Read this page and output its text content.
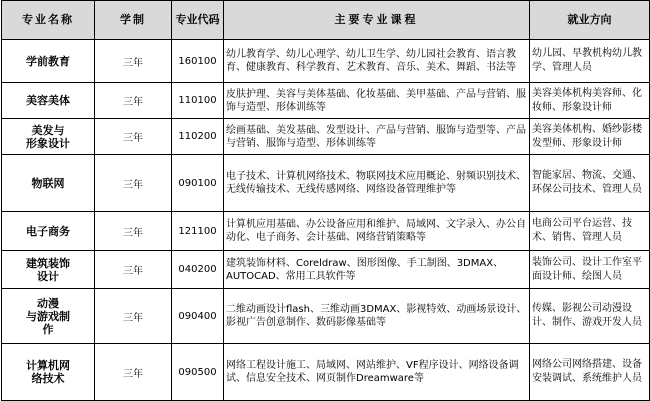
专业名称	学制	专业代码	主要专业课程	就业方向
学前教育	三年	160100	幼儿教育学、幼儿心理学、幼儿卫生学、幼儿园社会教育、语言教育、健康教育、科学教育、艺术教育、音乐、美术、舞蹈、书法等	幼儿园、早教机构幼儿教学、管理人员
美容美体	三年	110100	皮肤护理、美容与美体基础、化妆基础、美甲基础、产品与营销、服饰与造型、形体训练等	美容美体机构美容师、化妆师、形象设计师
美发与
形象设计	三年	110200	绘画基础、美发基础、发型设计、产品与营销、服饰与造型等、产品与营销、服饰与造型、形体训练等	美容美体机构、婚纱影楼发型师、形象设计师
物联网	三年	090100	电子技术、计算机网络技术、物联网技术应用概论、射频识别技术、无线传输技术、无线传感网络、网络设备管理维护等	智能家居、物流、交通、环保公司技术、管理人员
电子商务	三年	121100	计算机应用基础、办公设备应用和维护、局域网、文字录入、办公自动化、电子商务、会计基础、网络营销策略等	电商公司平台运营、技术、销售、管理人员
建筑装饰
设计	三年	040200	建筑装饰材料、Coreldraw、图形图像、手工制图、3DMAX、AUTOCAD、常用工具软件等	装饰公司、设计工作室平面设计师、绘图人员
动漫
与游戏制
作	三年	090400	二维动画设计flash、三维动画3DMAX、影视特效、动画场景设计、影视广告创意制作、数码影像基础等	传媒、影视公司动漫设计、制作、游戏开发人员
计算机网
络技术	三年	090500	网络工程设计施工、局域网、网站维护、VF程序设计、网络设备调试、信息安全技术、网页制作Dreamware等	网络公司网络搭建、设备安装调试、系统维护人员
